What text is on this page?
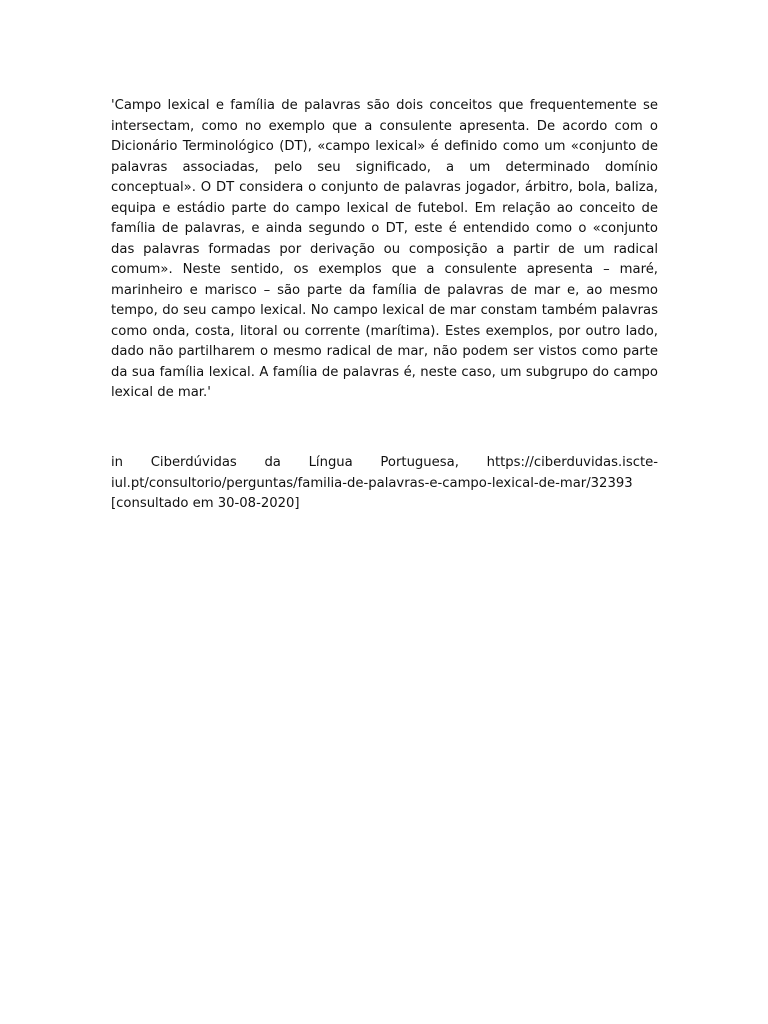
'Campo lexical e família de palavras são dois conceitos que frequentemente se intersectam, como no exemplo que a consulente apresenta. De acordo com o Dicionário Terminológico (DT), «campo lexical» é definido como um «conjunto de palavras associadas, pelo seu significado, a um determinado domínio conceptual». O DT considera o conjunto de palavras jogador, árbitro, bola, baliza, equipa e estádio parte do campo lexical de futebol. Em relação ao conceito de família de palavras, e ainda segundo o DT, este é entendido como o «conjunto das palavras formadas por derivação ou composição a partir de um radical comum». Neste sentido, os exemplos que a consulente apresenta – maré, marinheiro e marisco – são parte da família de palavras de mar e, ao mesmo tempo, do seu campo lexical. No campo lexical de mar constam também palavras como onda, costa, litoral ou corrente (marítima). Estes exemplos, por outro lado, dado não partilharem o mesmo radical de mar, não podem ser vistos como parte da sua família lexical. A família de palavras é, neste caso, um subgrupo do campo lexical de mar.'

in Ciberdúvidas da Língua Portuguesa, https://ciberduvidas.iscte-
iul.pt/consultorio/perguntas/familia-de-palavras-e-campo-lexical-de-mar/32393
[consultado em 30-08-2020]
